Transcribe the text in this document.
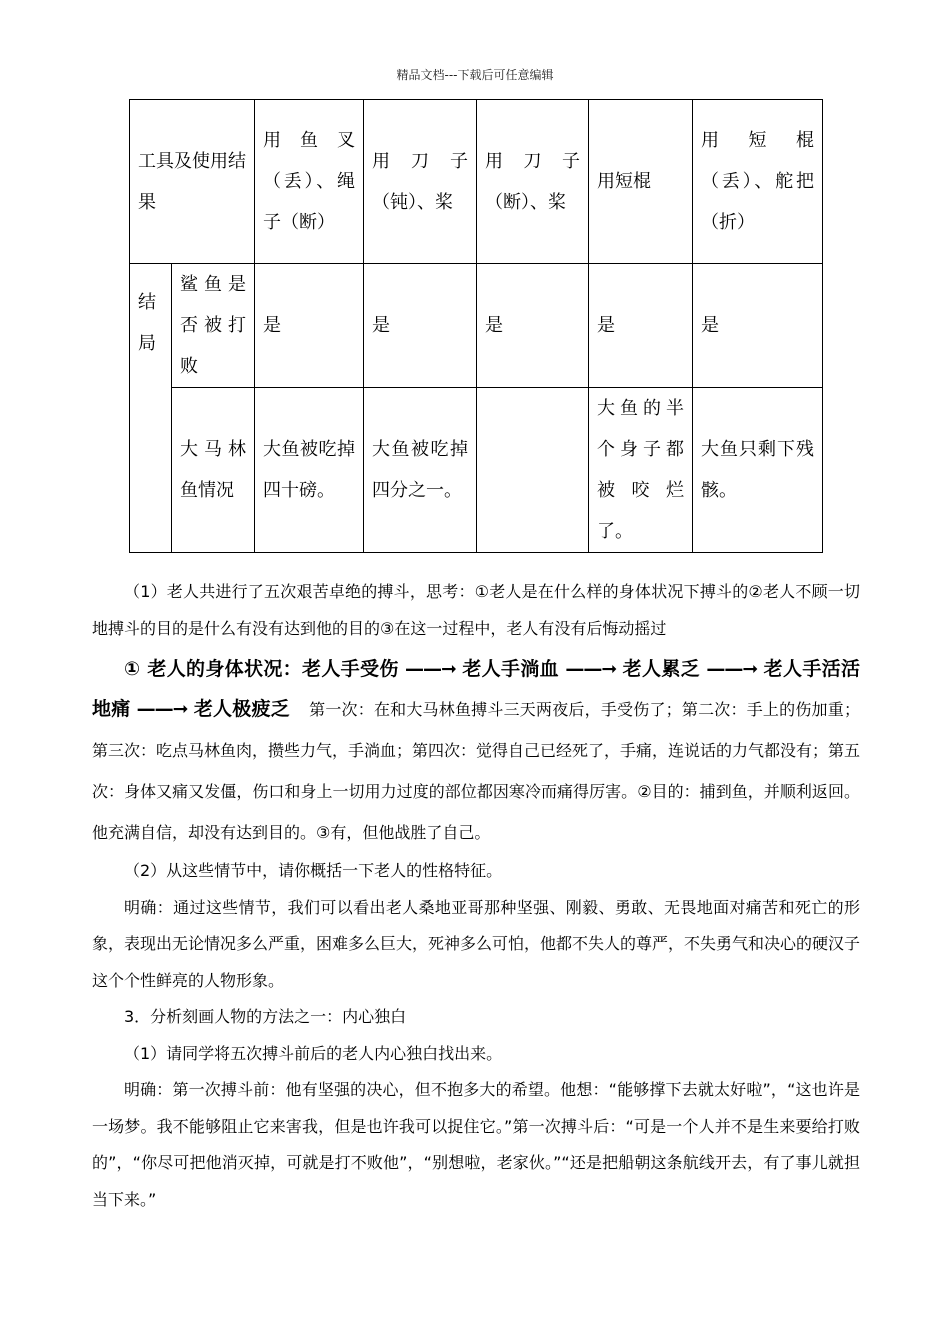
精品文档---下载后可任意编辑
工具及使用结果		用鱼叉（丢）、绳子（断）	用刀子（钝）、桨	用刀子（断）、桨	用短棍	用短棍（丢）、舵把（折）
结局	鲨鱼是否被打败	是	是	是	是	是
	大马林鱼情况	大鱼被吃掉四十磅。	大鱼被吃掉四分之一。		大鱼的半个身子都被咬烂了。	大鱼只剩下残骸。

（1）老人共进行了五次艰苦卓绝的搏斗，思考：①老人是在什么样的身体状况下搏斗的②老人不顾一切地搏斗的目的是什么有没有达到他的目的③在这一过程中，老人有没有后悔动摇过

① 老人的身体状况：老人手受伤 ——➞ 老人手淌血 ——➞ 老人累乏 ——➞ 老人手活活地痛 ——➞ 老人极疲乏　 第一次：在和大马林鱼搏斗三天两夜后，手受伤了；第二次：手上的伤加重；第三次：吃点马林鱼肉，攒些力气，手淌血；第四次：觉得自己已经死了，手痛，连说话的力气都没有；第五次：身体又痛又发僵，伤口和身上一切用力过度的部位都因寒冷而痛得厉害。②目的：捕到鱼，并顺利返回。他充满自信，却没有达到目的。③有，但他战胜了自己。

（2）从这些情节中，请你概括一下老人的性格特征。

明确：通过这些情节，我们可以看出老人桑地亚哥那种坚强、刚毅、勇敢、无畏地面对痛苦和死亡的形象，表现出无论情况多么严重，困难多么巨大，死神多么可怕，他都不失人的尊严，不失勇气和决心的硬汉子这个个性鲜亮的人物形象。

3．分析刻画人物的方法之一：内心独白

（1）请同学将五次搏斗前后的老人内心独白找出来。

明确：第一次搏斗前：他有坚强的决心，但不抱多大的希望。他想：“能够撑下去就太好啦”，“这也许是一场梦。我不能够阻止它来害我，但是也许我可以捉住它。”第一次搏斗后：“可是一个人并不是生来要给打败的”，“你尽可把他消灭掉，可就是打不败他”，“别想啦，老家伙。”“还是把船朝这条航线开去，有了事儿就担当下来。”
